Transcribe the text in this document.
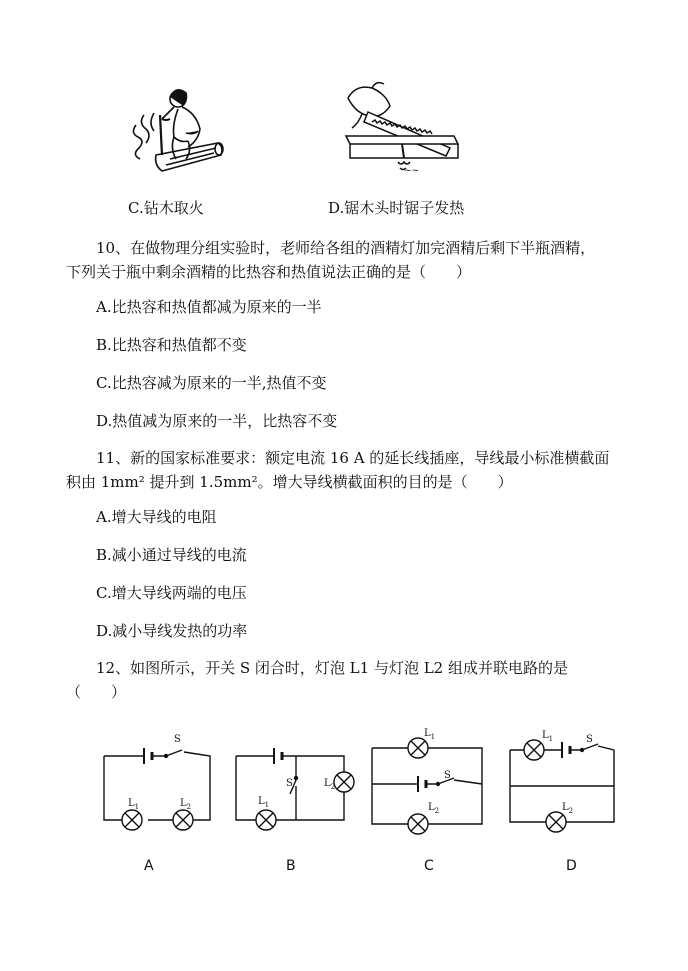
~~
C.钻木取火	D.锯木头时锯子发热
10、在做物理分组实验时，老师给各组的酒精灯加完酒精后剩下半瓶酒精，
下列关于瓶中剩余酒精的比热容和热值说法正确的是（　　）
A.比热容和热值都减为原来的一半
B.比热容和热值都不变
C.比热容减为原来的一半,热值不变
D.热值减为原来的一半，比热容不变
11、新的国家标准要求：额定电流 16 A 的延长线插座，导线最小标准横截面
积由 1mm² 提升到 1.5mm²。增大导线横截面积的目的是（　　）
A.增大导线的电阻
B.减小通过导线的电流
C.增大导线两端的电压
D.减小导线发热的功率
12、如图所示，开关 S 闭合时，灯泡 L1 与灯泡 L2 组成并联电路的是
（　　）
S
$L_1$	$L_2$
S
$L_1$
$L_2$
$L_1$
S
$L_2$
$L_1$	S
$L_2$
A	B	C	D
